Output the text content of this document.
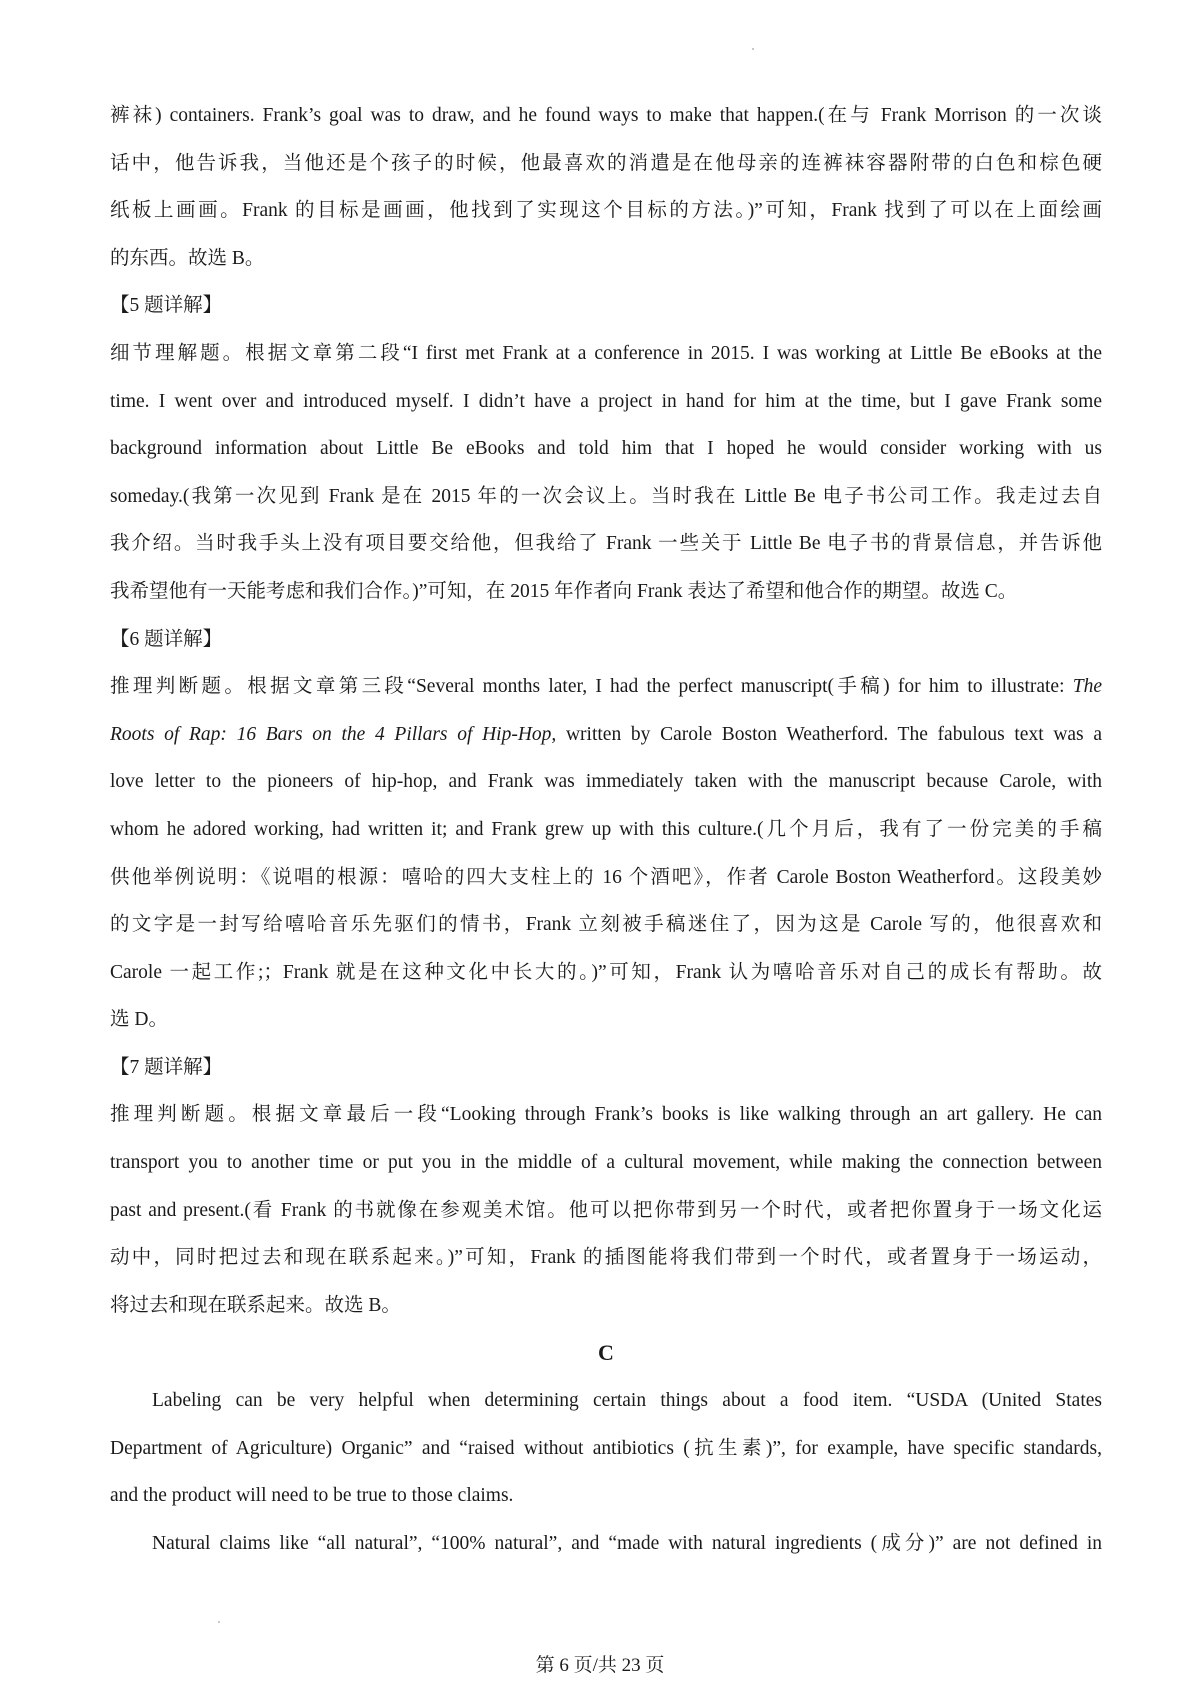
裤袜) containers. Frank’s goal was to draw, and he found ways to make that happen.(在与 Frank Morrison 的一次谈
话中，他告诉我，当他还是个孩子的时候，他最喜欢的消遣是在他母亲的连裤袜容器附带的白色和棕色硬
纸板上画画。Frank 的目标是画画，他找到了实现这个目标的方法。)”可知，Frank 找到了可以在上面绘画
的东西。故选 B。
【5 题详解】
细节理解题。根据文章第二段“I first met Frank at a conference in 2015. I was working at Little Be eBooks at the
time. I went over and introduced myself. I didn’t have a project in hand for him at the time, but I gave Frank some
background information about Little Be eBooks and told him that I hoped he would consider working with us
someday.(我第一次见到 Frank 是在 2015 年的一次会议上。当时我在 Little Be 电子书公司工作。我走过去自
我介绍。当时我手头上没有项目要交给他，但我给了 Frank 一些关于 Little Be 电子书的背景信息，并告诉他
我希望他有一天能考虑和我们合作。)”可知，在 2015 年作者向 Frank 表达了希望和他合作的期望。故选 C。
【6 题详解】
推理判断题。根据文章第三段“Several months later, I had the perfect manuscript(手稿) for him to illustrate: The
Roots of Rap: 16 Bars on the 4 Pillars of Hip-Hop, written by Carole Boston Weatherford. The fabulous text was a
love letter to the pioneers of hip-hop, and Frank was immediately taken with the manuscript because Carole, with
whom he adored working, had written it; and Frank grew up with this culture.(几个月后，我有了一份完美的手稿
供他举例说明：《说唱的根源：嘻哈的四大支柱上的 16 个酒吧》，作者 Carole Boston Weatherford。这段美妙
的文字是一封写给嘻哈音乐先驱们的情书，Frank 立刻被手稿迷住了，因为这是 Carole 写的，他很喜欢和
Carole 一起工作;；Frank 就是在这种文化中长大的。)”可知，Frank 认为嘻哈音乐对自己的成长有帮助。故
选 D。
【7 题详解】
推理判断题。根据文章最后一段“Looking through Frank’s books is like walking through an art gallery. He can
transport you to another time or put you in the middle of a cultural movement, while making the connection between
past and present.(看 Frank 的书就像在参观美术馆。他可以把你带到另一个时代，或者把你置身于一场文化运
动中，同时把过去和现在联系起来。)”可知，Frank 的插图能将我们带到一个时代，或者置身于一场运动，
将过去和现在联系起来。故选 B。
C
Labeling can be very helpful when determining certain things about a food item. “USDA (United States
Department of Agriculture) Organic” and “raised without antibiotics (抗生素)”, for example, have specific standards,
and the product will need to be true to those claims.
Natural claims like “all natural”, “100% natural”, and “made with natural ingredients (成分)” are not defined in
第 6 页/共 23 页
